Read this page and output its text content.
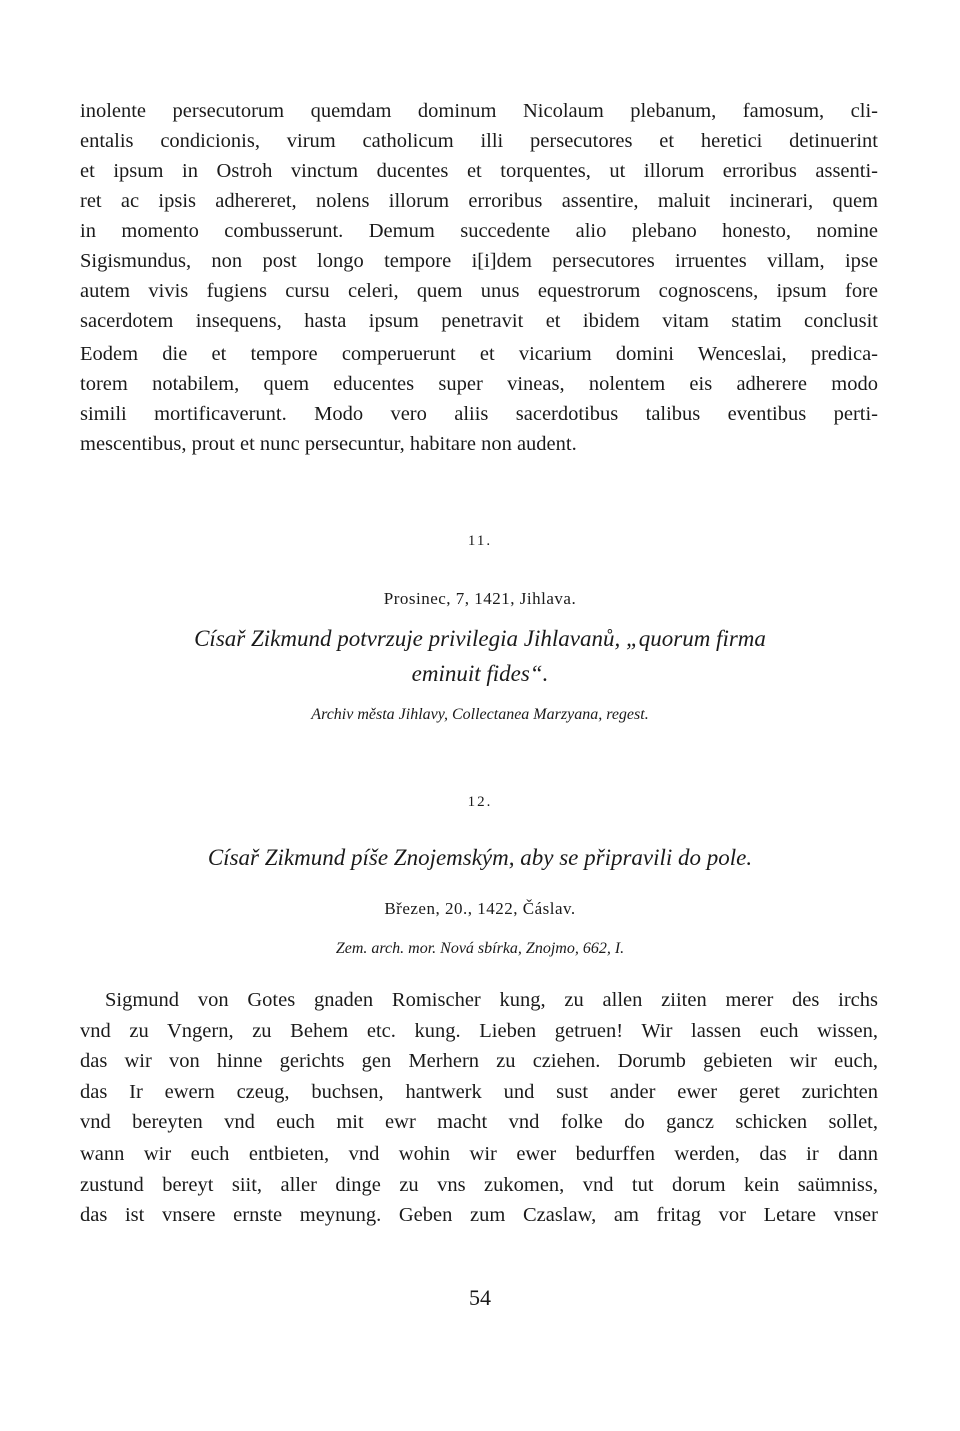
inolente persecutorum quemdam dominum Nicolaum plebanum, famosum, cli-
entalis condicionis, virum catholicum illi persecutores et heretici detinuerint
et ipsum in Ostroh vinctum ducentes et torquentes, ut illorum erroribus assenti-
ret ac ipsis adhereret, nolens illorum erroribus assentire, maluit incinerari, quem
in momento combusserunt. Demum succedente alio plebano honesto, nomine
Sigismundus, non post longo tempore i[i]dem persecutores irruentes villam, ipse
autem vivis fugiens cursu celeri, quem unus equestrorum cognoscens, ipsum fore
sacerdotem insequens, hasta ipsum penetravit et ibidem vitam statim conclusit
Eodem die et tempore comperuerunt et vicarium domini Wenceslai, predica-
torem notabilem, quem educentes super vineas, nolentem eis adherere modo
simili mortificaverunt. Modo vero aliis sacerdotibus talibus eventibus perti-
mescentibus, prout et nunc persecuntur, habitare non audent.
11.
Prosinec, 7, 1421, Jihlava.
Císař Zikmund potvrzuje privilegia Jihlavanů, „quorum firma
eminuit fides“.
Archiv města Jihlavy, Collectanea Marzyana, regest.
12.
Císař Zikmund píše Znojemským, aby se připravili do pole.
Březen, 20., 1422, Čáslav.
Zem. arch. mor. Nová sbírka, Znojmo, 662, I.
Sigmund von Gotes gnaden Romischer kung, zu allen ziiten merer des irchs
vnd zu Vngern, zu Behem etc. kung. Lieben getruen! Wir lassen euch wissen,
das wir von hinne gerichts gen Merhern zu cziehen. Dorumb gebieten wir euch,
das Ir ewern czeug, buchsen, hantwerk und sust ander ewer geret zurichten
vnd bereyten vnd euch mit ewr macht vnd folke do gancz schicken sollet,
wann wir euch entbieten, vnd wohin wir ewer bedurffen werden, das ir dann
zustund bereyt siit, aller dinge zu vns zukomen, vnd tut dorum kein saümniss,
das ist vnsere ernste meynung. Geben zum Czaslaw, am fritag vor Letare vnser
54
